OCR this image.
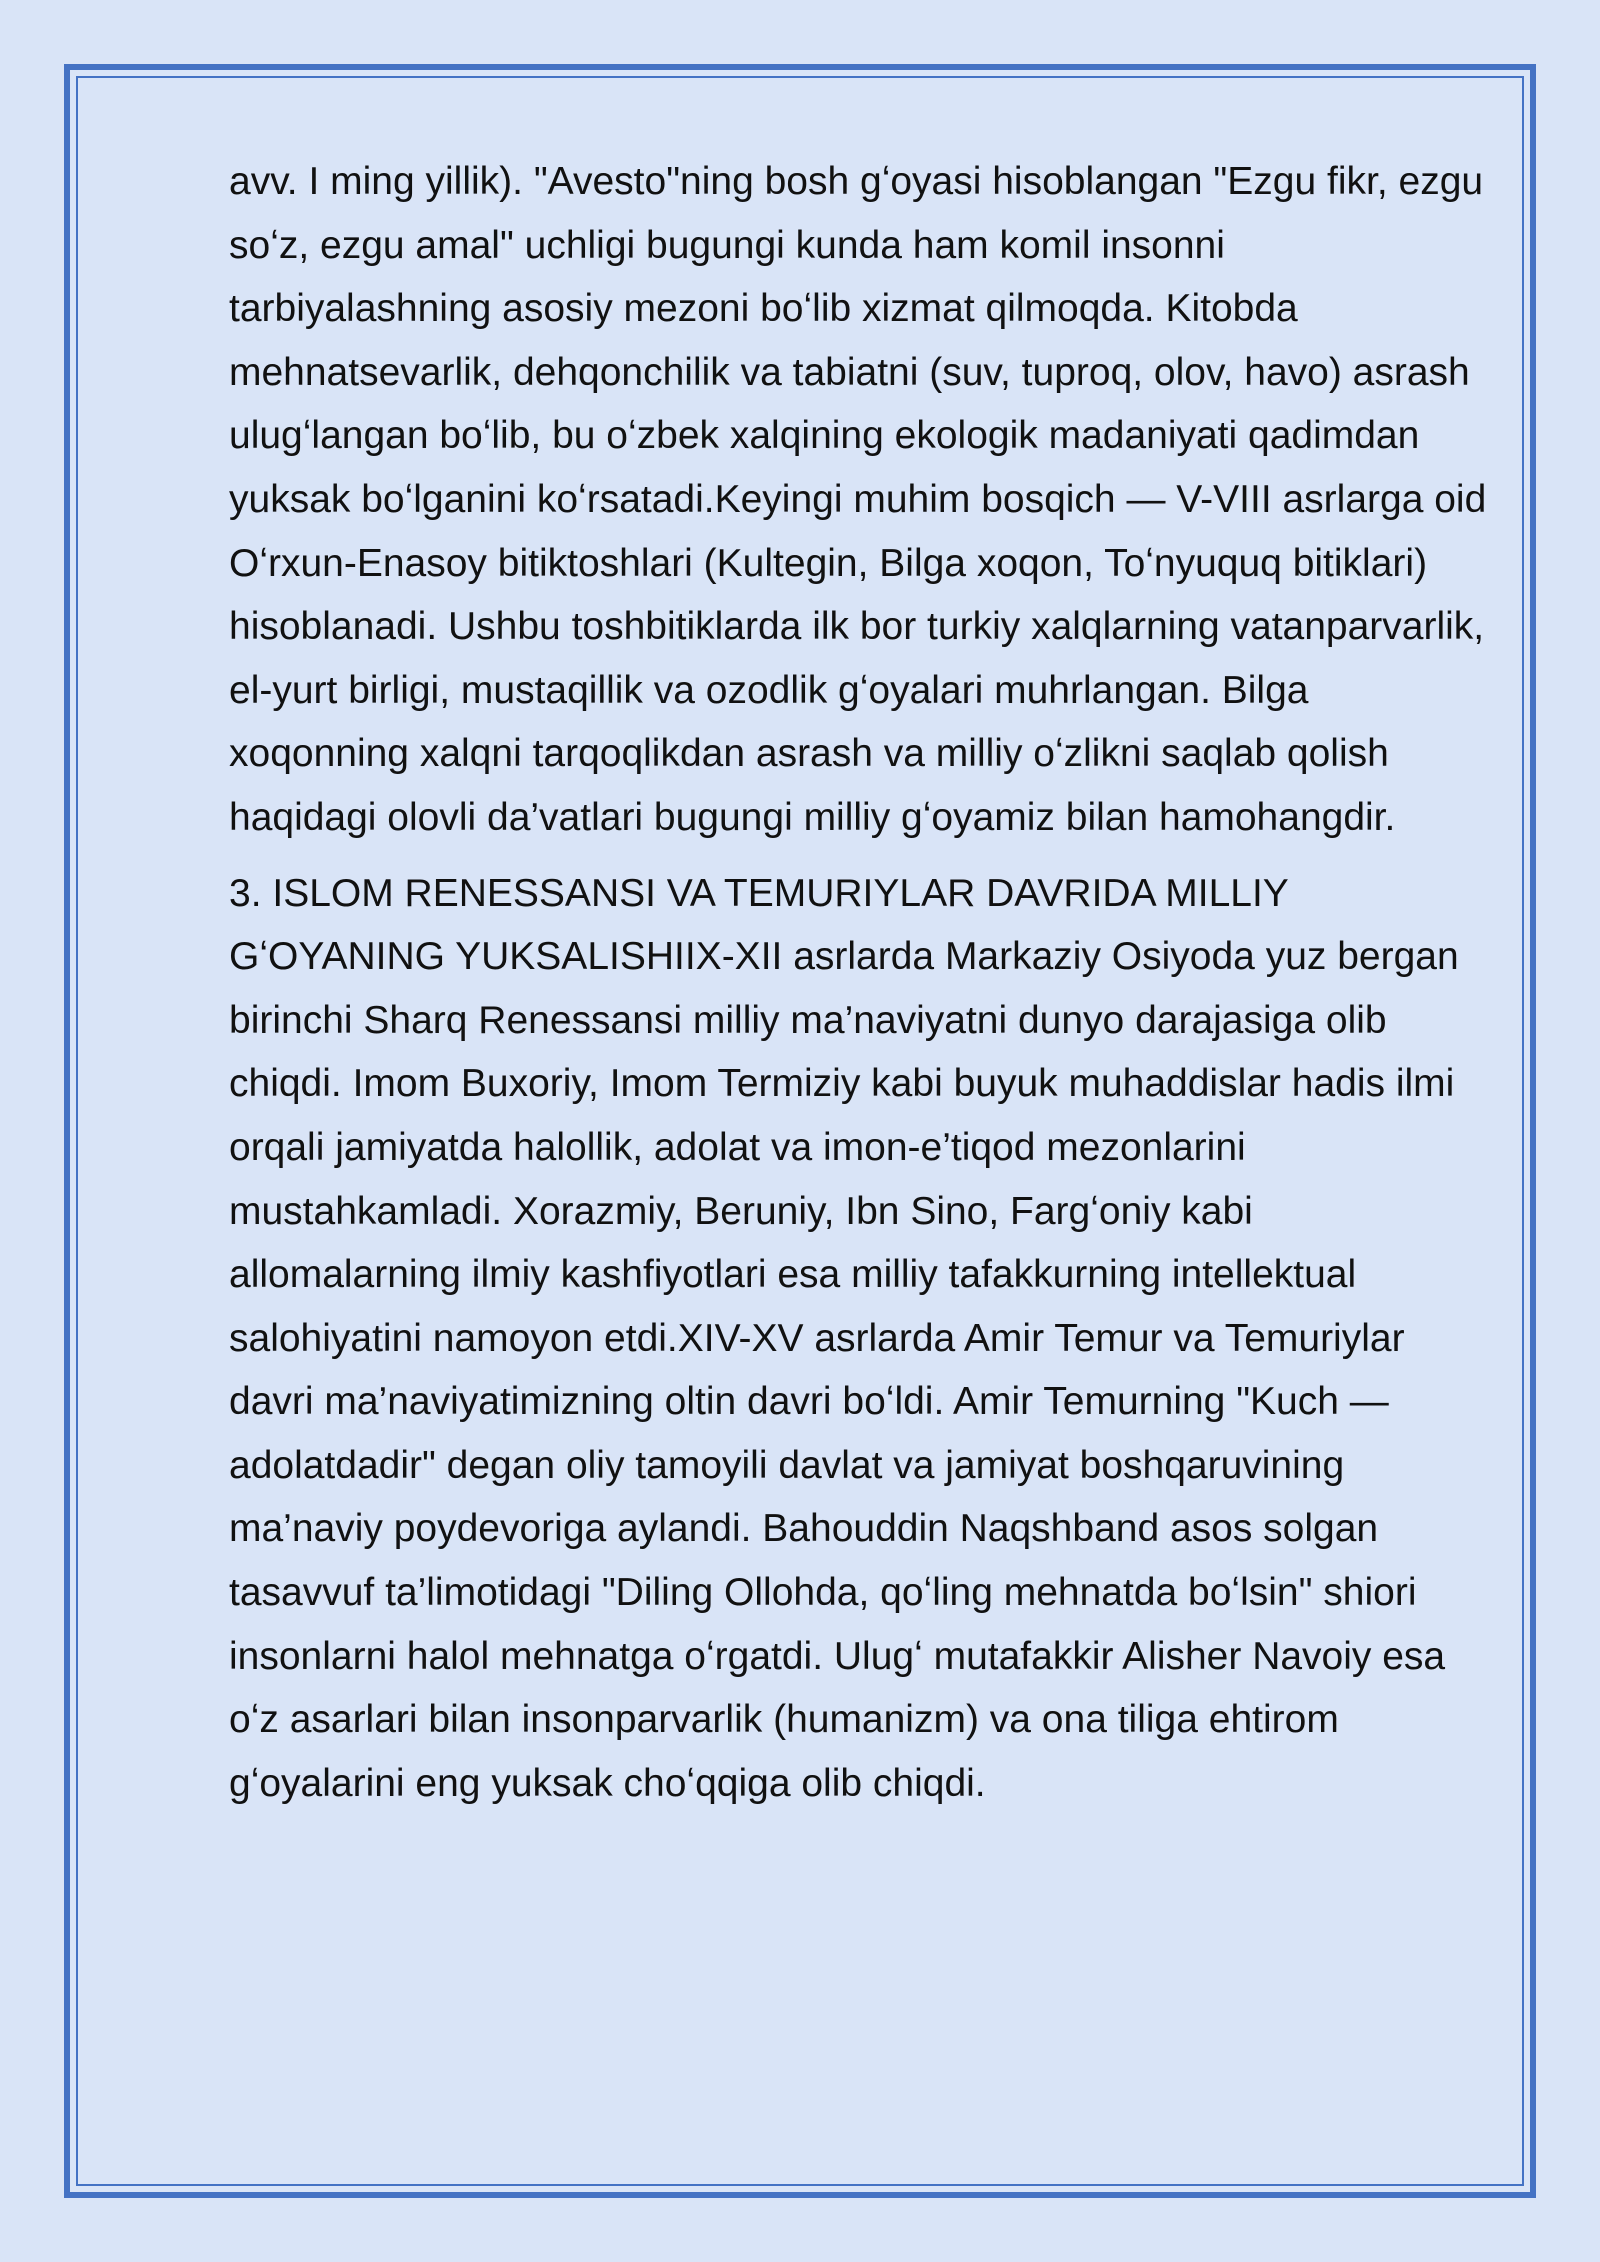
avv. I ming yillik). "Avesto"ning bosh gʻoyasi hisoblangan "Ezgu fikr, ezgu soʻz, ezgu amal" uchligi bugungi kunda ham komil insonni tarbiyalashning asosiy mezoni boʻlib xizmat qilmoqda. Kitobda mehnatsevarlik, dehqonchilik va tabiatni (suv, tuproq, olov, havo) asrash ulugʻlangan boʻlib, bu oʻzbek xalqining ekologik madaniyati qadimdan yuksak boʻlganini koʻrsatadi.Keyingi muhim bosqich — V-VIII asrlarga oid Oʻrxun-Enasoy bitiktoshlari (Kultegin, Bilga xoqon, Toʻnyuquq bitiklari) hisoblanadi. Ushbu toshbitiklarda ilk bor turkiy xalqlarning vatanparvarlik, el-yurt birligi, mustaqillik va ozodlik gʻoyalari muhrlangan. Bilga xoqonning xalqni tarqoqlikdan asrash va milliy oʻzlikni saqlab qolish haqidagi olovli da’vatlari bugungi milliy gʻoyamiz bilan hamohangdir.

3. ISLOM RENESSANSI VA TEMURIYLAR DAVRIDA MILLIY GʻOYANING YUKSALISHIIX-XII asrlarda Markaziy Osiyoda yuz bergan birinchi Sharq Renessansi milliy ma’naviyatni dunyo darajasiga olib chiqdi. Imom Buxoriy, Imom Termiziy kabi buyuk muhaddislar hadis ilmi orqali jamiyatda halollik, adolat va imon-e’tiqod mezonlarini mustahkamladi. Xorazmiy, Beruniy, Ibn Sino, Fargʻoniy kabi allomalarning ilmiy kashfiyotlari esa milliy tafakkurning intellektual salohiyatini namoyon etdi.XIV-XV asrlarda Amir Temur va Temuriylar davri ma’naviyatimizning oltin davri boʻldi. Amir Temurning "Kuch — adolatdadir" degan oliy tamoyili davlat va jamiyat boshqaruvining ma’naviy poydevoriga aylandi. Bahouddin Naqshband asos solgan tasavvuf ta’limotidagi "Diling Ollohda, qoʻling mehnatda boʻlsin" shiori insonlarni halol mehnatga oʻrgatdi. Ulugʻ mutafakkir Alisher Navoiy esa oʻz asarlari bilan insonparvarlik (humanizm) va ona tiliga ehtirom gʻoyalarini eng yuksak choʻqqiga olib chiqdi.
